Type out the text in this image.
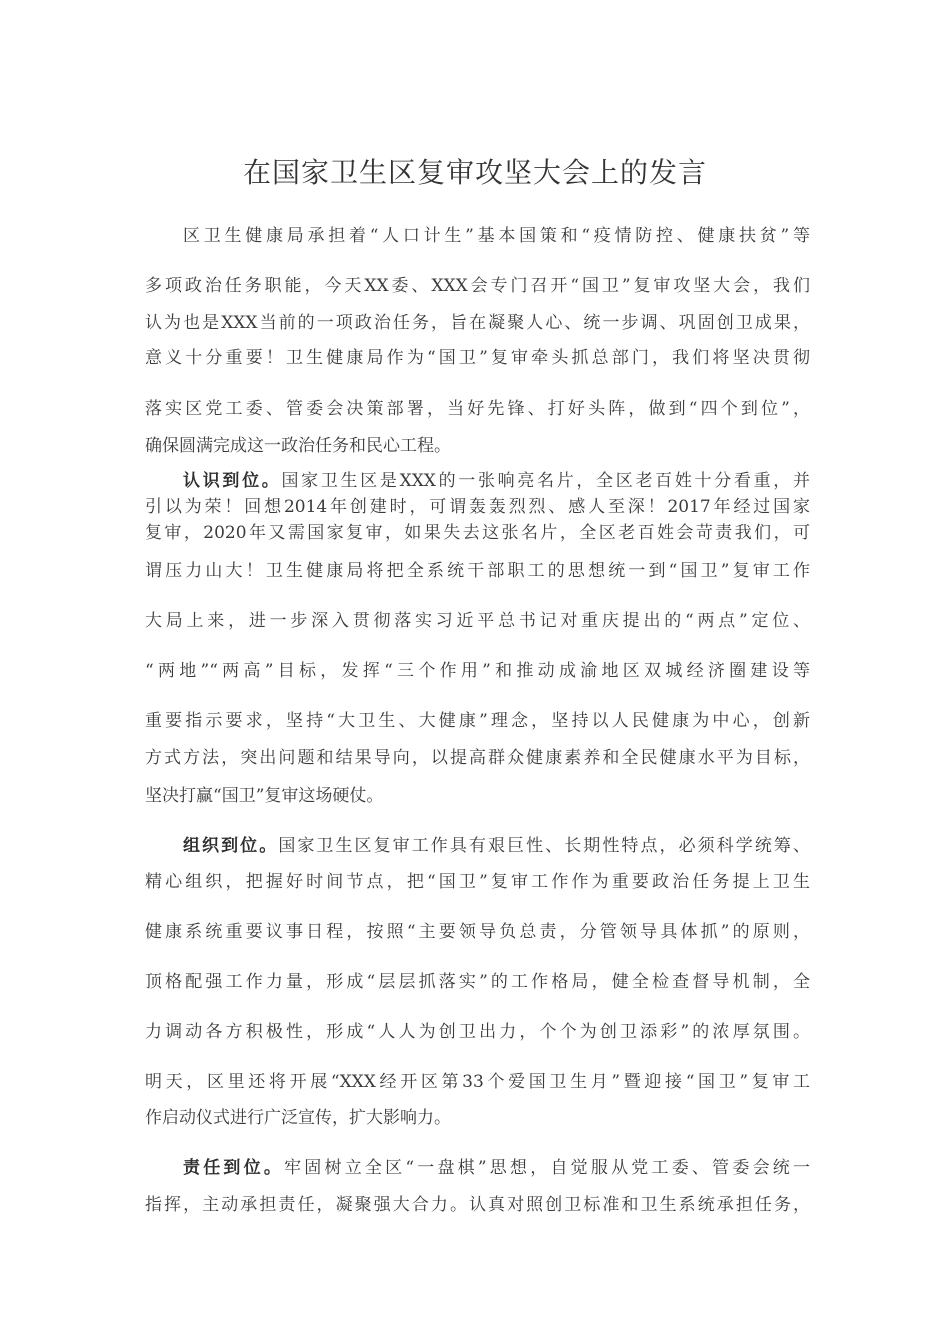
在国家卫生区复审攻坚大会上的发言
区卫生健康局承担着“人口计生”基本国策和“疫情防控、健康扶贫”等
多项政治任务职能，今天XX委、XXX会专门召开“国卫”复审攻坚大会，我们
认为也是XXX当前的一项政治任务，旨在凝聚人心、统一步调、巩固创卫成果，
意义十分重要！卫生健康局作为“国卫”复审牵头抓总部门，我们将坚决贯彻
落实区党工委、管委会决策部署，当好先锋、打好头阵，做到“四个到位”，
确保圆满完成这一政治任务和民心工程。
认识到位。国家卫生区是XXX的一张响亮名片，全区老百姓十分看重，并
引以为荣！回想2014年创建时，可谓轰轰烈烈、感人至深！2017年经过国家
复审，2020年又需国家复审，如果失去这张名片，全区老百姓会苛责我们，可
谓压力山大！卫生健康局将把全系统干部职工的思想统一到“国卫”复审工作
大局上来，进一步深入贯彻落实习近平总书记对重庆提出的“两点”定位、
“两地”“两高”目标，发挥“三个作用”和推动成渝地区双城经济圈建设等
重要指示要求，坚持“大卫生、大健康”理念，坚持以人民健康为中心，创新
方式方法，突出问题和结果导向，以提高群众健康素养和全民健康水平为目标，
坚决打赢“国卫”复审这场硬仗。
组织到位。国家卫生区复审工作具有艰巨性、长期性特点，必须科学统筹、
精心组织，把握好时间节点，把“国卫”复审工作作为重要政治任务提上卫生
健康系统重要议事日程，按照“主要领导负总责，分管领导具体抓”的原则，
顶格配强工作力量，形成“层层抓落实”的工作格局，健全检查督导机制，全
力调动各方积极性，形成“人人为创卫出力，个个为创卫添彩”的浓厚氛围。
明天，区里还将开展“XXX经开区第33个爱国卫生月”暨迎接“国卫”复审工
作启动仪式进行广泛宣传，扩大影响力。
责任到位。牢固树立全区“一盘棋”思想，自觉服从党工委、管委会统一
指挥，主动承担责任，凝聚强大合力。认真对照创卫标准和卫生系统承担任务，
